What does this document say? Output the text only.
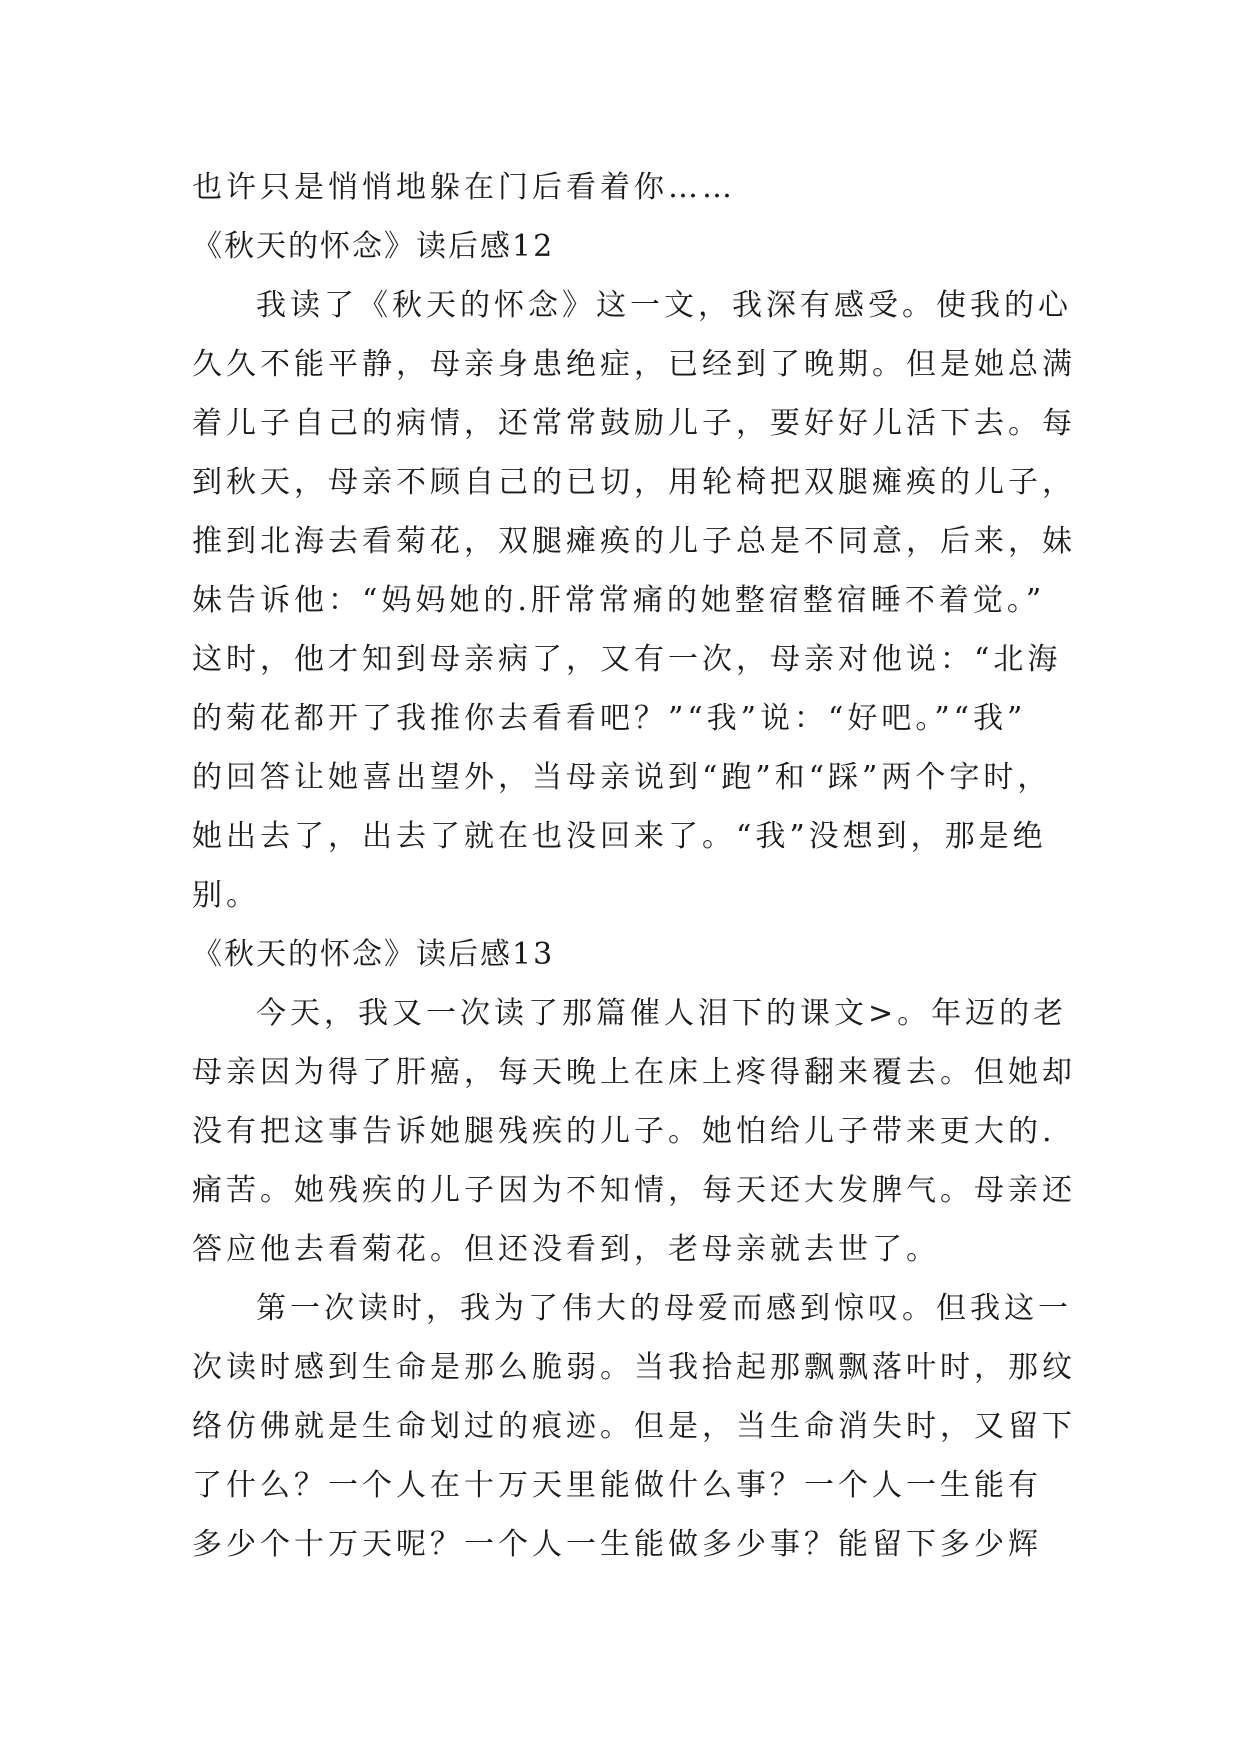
也许只是悄悄地躲在门后看着你……
《秋天的怀念》读后感12
我读了《秋天的怀念》这一文，我深有感受。使我的心
久久不能平静，母亲身患绝症，已经到了晚期。但是她总满
着儿子自己的病情，还常常鼓励儿子，要好好儿活下去。每
到秋天，母亲不顾自己的已切，用轮椅把双腿瘫痪的儿子，
推到北海去看菊花，双腿瘫痪的儿子总是不同意，后来，妹
妹告诉他：“妈妈她的.肝常常痛的她整宿整宿睡不着觉。”
这时，他才知到母亲病了，又有一次，母亲对他说：“北海
的菊花都开了我推你去看看吧？”“我”说：“好吧。”“我”
的回答让她喜出望外，当母亲说到“跑”和“踩”两个字时，
她出去了，出去了就在也没回来了。“我”没想到，那是绝
别。
《秋天的怀念》读后感13
今天，我又一次读了那篇催人泪下的课文>。年迈的老
母亲因为得了肝癌，每天晚上在床上疼得翻来覆去。但她却
没有把这事告诉她腿残疾的儿子。她怕给儿子带来更大的.
痛苦。她残疾的儿子因为不知情，每天还大发脾气。母亲还
答应他去看菊花。但还没看到，老母亲就去世了。
第一次读时，我为了伟大的母爱而感到惊叹。但我这一
次读时感到生命是那么脆弱。当我拾起那飘飘落叶时，那纹
络仿佛就是生命划过的痕迹。但是，当生命消失时，又留下
了什么？一个人在十万天里能做什么事？一个人一生能有
多少个十万天呢？一个人一生能做多少事？能留下多少辉
